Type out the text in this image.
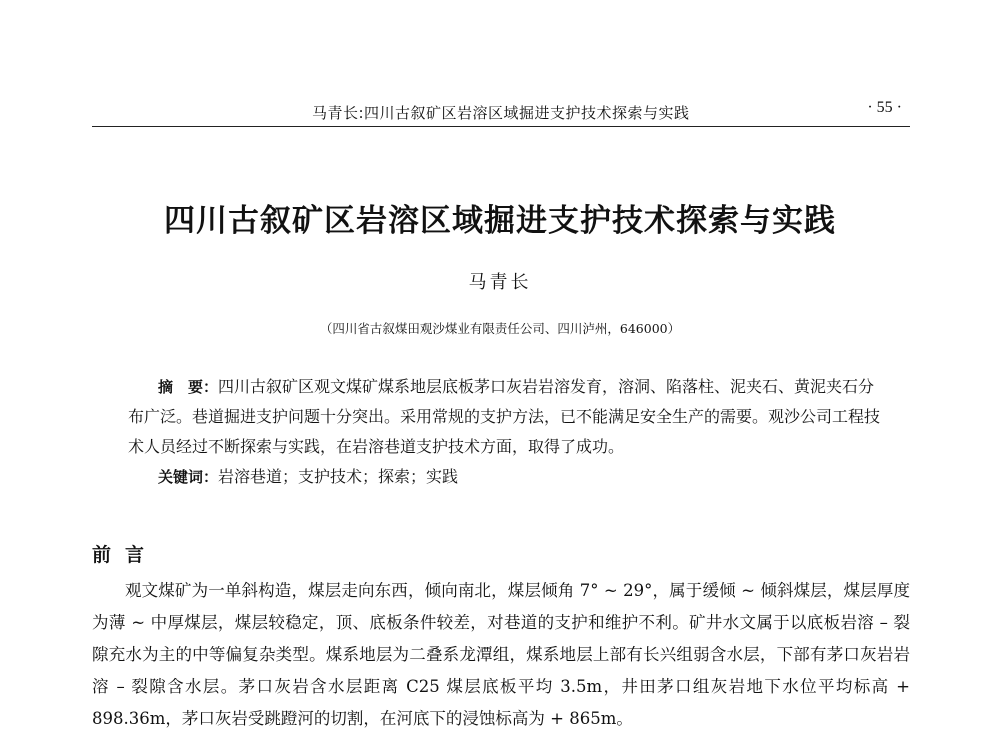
马青长:四川古叙矿区岩溶区域掘进支护技术探索与实践	· 55 ·
四川古叙矿区岩溶区域掘进支护技术探索与实践

马青长

（四川省古叙煤田观沙煤业有限责任公司、四川泸州，646000）

摘　要：四川古叙矿区观文煤矿煤系地层底板茅口灰岩岩溶发育，溶洞、陷落柱、泥夹石、黄泥夹石分布广泛。巷道掘进支护问题十分突出。采用常规的支护方法，已不能满足安全生产的需要。观沙公司工程技术人员经过不断探索与实践，在岩溶巷道支护技术方面，取得了成功。

关键词：岩溶巷道；支护技术；探索；实践

前言

观文煤矿为一单斜构造，煤层走向东西，倾向南北，煤层倾角 7° ~ 29°，属于缓倾 ~ 倾斜煤层，煤层厚度为薄 ~ 中厚煤层，煤层较稳定，顶、底板条件较差，对巷道的支护和维护不利。矿井水文属于以底板岩溶 – 裂隙充水为主的中等偏复杂类型。煤系地层为二叠系龙潭组，煤系地层上部有长兴组弱含水层，下部有茅口灰岩岩溶 – 裂隙含水层。茅口灰岩含水层距离 C25 煤层底板平均 3.5m，井田茅口组灰岩地下水位平均标高 + 898.36m，茅口灰岩受跳蹬河的切割，在河底下的浸蚀标高为 + 865m。
